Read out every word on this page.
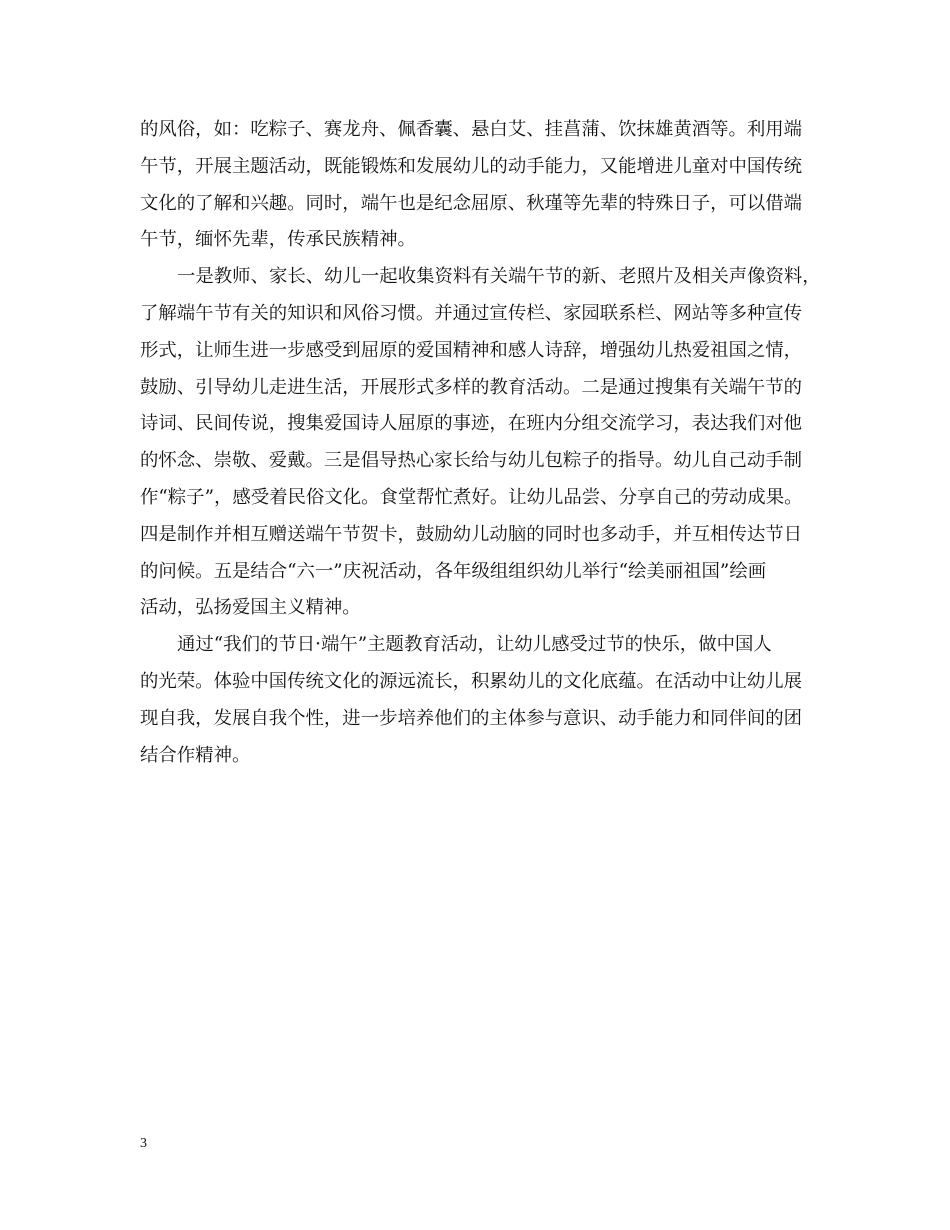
的风俗，如：吃粽子、赛龙舟、佩香囊、悬白艾、挂菖蒲、饮抹雄黄酒等。利用端
午节，开展主题活动，既能锻炼和发展幼儿的动手能力，又能增进儿童对中国传统
文化的了解和兴趣。同时，端午也是纪念屈原、秋瑾等先辈的特殊日子，可以借端
午节，缅怀先辈，传承民族精神。

一是教师、家长、幼儿一起收集资料有关端午节的新、老照片及相关声像资料，
了解端午节有关的知识和风俗习惯。并通过宣传栏、家园联系栏、网站等多种宣传
形式，让师生进一步感受到屈原的爱国精神和感人诗辞，增强幼儿热爱祖国之情，
鼓励、引导幼儿走进生活，开展形式多样的教育活动。二是通过搜集有关端午节的
诗词、民间传说，搜集爱国诗人屈原的事迹，在班内分组交流学习，表达我们对他
的怀念、崇敬、爱戴。三是倡导热心家长给与幼儿包粽子的指导。幼儿自己动手制
作“粽子”，感受着民俗文化。食堂帮忙煮好。让幼儿品尝、分享自己的劳动成果。
四是制作并相互赠送端午节贺卡，鼓励幼儿动脑的同时也多动手，并互相传达节日
的问候。五是结合“六一”庆祝活动，各年级组组织幼儿举行“绘美丽祖国”绘画
活动，弘扬爱国主义精神。

通过“我们的节日·端午”主题教育活动，让幼儿感受过节的快乐，做中国人
的光荣。体验中国传统文化的源远流长，积累幼儿的文化底蕴。在活动中让幼儿展
现自我，发展自我个性，进一步培养他们的主体参与意识、动手能力和同伴间的团
结合作精神。

3
